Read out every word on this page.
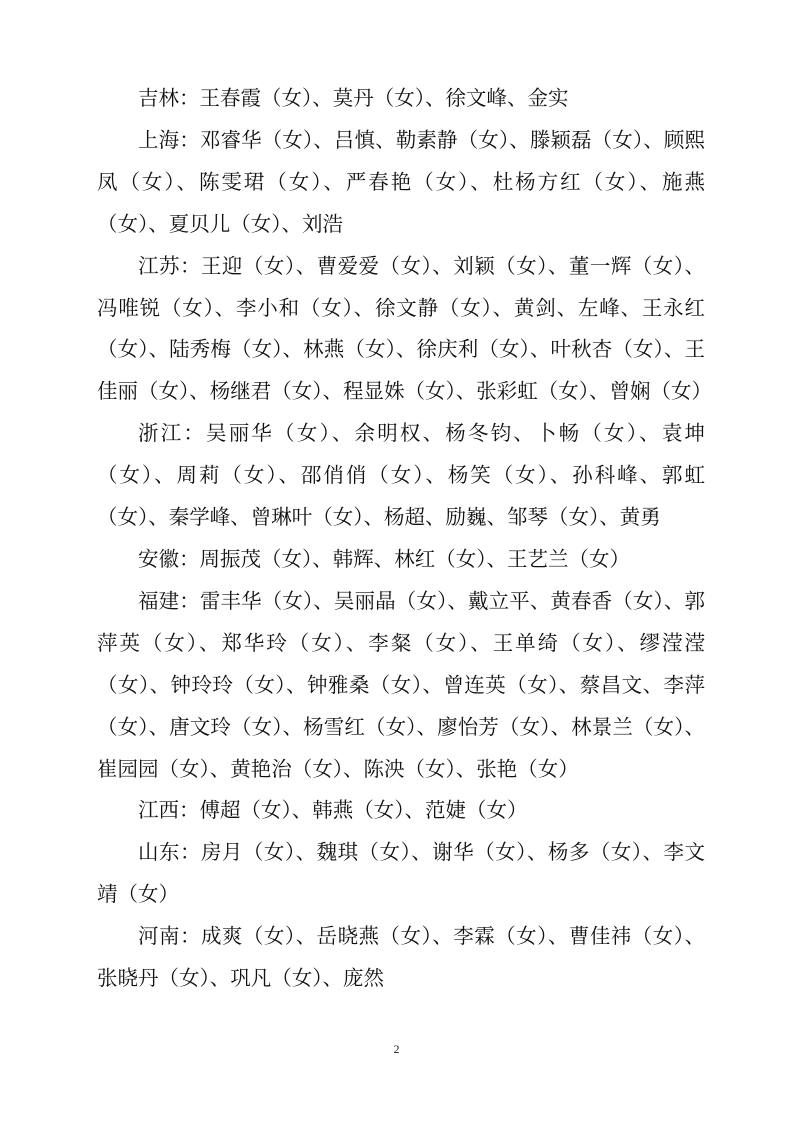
吉林：王春霞（女）、莫丹（女）、徐文峰、金实

上海：邓睿华（女）、吕慎、勒素静（女）、滕颖磊（女）、顾熙凤（女）、陈雯珺（女）、严春艳（女）、杜杨方红（女）、施燕（女）、夏贝儿（女）、刘浩

江苏：王迎（女）、曹爱爱（女）、刘颖（女）、董一辉（女）、冯唯锐（女）、李小和（女）、徐文静（女）、黄剑、左峰、王永红（女）、陆秀梅（女）、林燕（女）、徐庆利（女）、叶秋杏（女）、王佳丽（女）、杨继君（女）、程显姝（女）、张彩虹（女）、曾娴（女）

浙江：吴丽华（女）、余明权、杨冬钧、卜畅（女）、袁坤（女）、周莉（女）、邵俏俏（女）、杨笑（女）、孙科峰、郭虹（女）、秦学峰、曾琳叶（女）、杨超、励巍、邹琴（女）、黄勇

安徽：周振茂（女）、韩辉、林红（女）、王艺兰（女）

福建：雷丰华（女）、吴丽晶（女）、戴立平、黄春香（女）、郭萍英（女）、郑华玲（女）、李粲（女）、王单绮（女）、缪滢滢（女）、钟玲玲（女）、钟雅桑（女）、曾连英（女）、蔡昌文、李萍（女）、唐文玲（女）、杨雪红（女）、廖怡芳（女）、林景兰（女）、崔园园（女）、黄艳治（女）、陈泱（女）、张艳（女）

江西：傅超（女）、韩燕（女）、范婕（女）

山东：房月（女）、魏琪（女）、谢华（女）、杨多（女）、李文靖（女）

河南：成爽（女）、岳晓燕（女）、李霖（女）、曹佳祎（女）、张晓丹（女）、巩凡（女）、庞然

2
